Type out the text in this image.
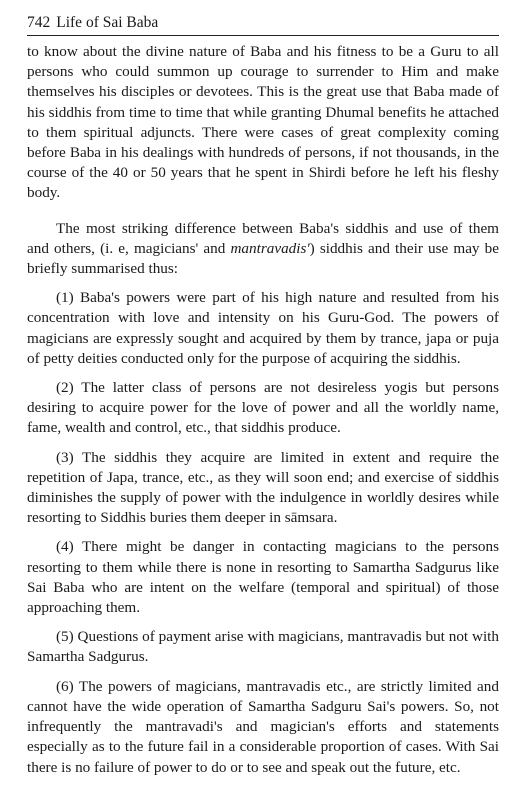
742 Life of Sai Baba

to know about the divine nature of Baba and his fitness to be a Guru to all persons who could summon up courage to surrender to Him and make themselves his disciples or devotees. This is the great use that Baba made of his siddhis from time to time that while granting Dhumal benefits he attached to them spiritual adjuncts. There were cases of great complexity coming before Baba in his dealings with hundreds of persons, if not thousands, in the course of the 40 or 50 years that he spent in Shirdi before he left his fleshy body.

The most striking difference between Baba's siddhis and use of them and others, (i. e, magicians' and mantravadis') siddhis and their use may be briefly summarised thus:

(1) Baba's powers were part of his high nature and resulted from his concentration with love and intensity on his Guru-God. The powers of magicians are expressly sought and acquired by them by trance, japa or puja of petty deities conducted only for the purpose of acquiring the siddhis.

(2) The latter class of persons are not desireless yogis but persons desiring to acquire power for the love of power and all the worldly name, fame, wealth and control, etc., that siddhis produce.

(3) The siddhis they acquire are limited in extent and require the repetition of Japa, trance, etc., as they will soon end; and exercise of siddhis diminishes the supply of power with the indulgence in worldly desires while resorting to Siddhis buries them deeper in sāmsara.

(4) There might be danger in contacting magicians to the persons resorting to them while there is none in resorting to Samartha Sadgurus like Sai Baba who are intent on the welfare (temporal and spiritual) of those approaching them.

(5) Questions of payment arise with magicians, mantravadis but not with Samartha Sadgurus.

(6) The powers of magicians, mantravadis etc., are strictly limited and cannot have the wide operation of Samartha Sadguru Sai's powers. So, not infrequently the mantravadi's and magician's efforts and statements especially as to the future fail in a considerable proportion of cases. With Sai there is no failure of power to do or to see and speak out the future, etc.
